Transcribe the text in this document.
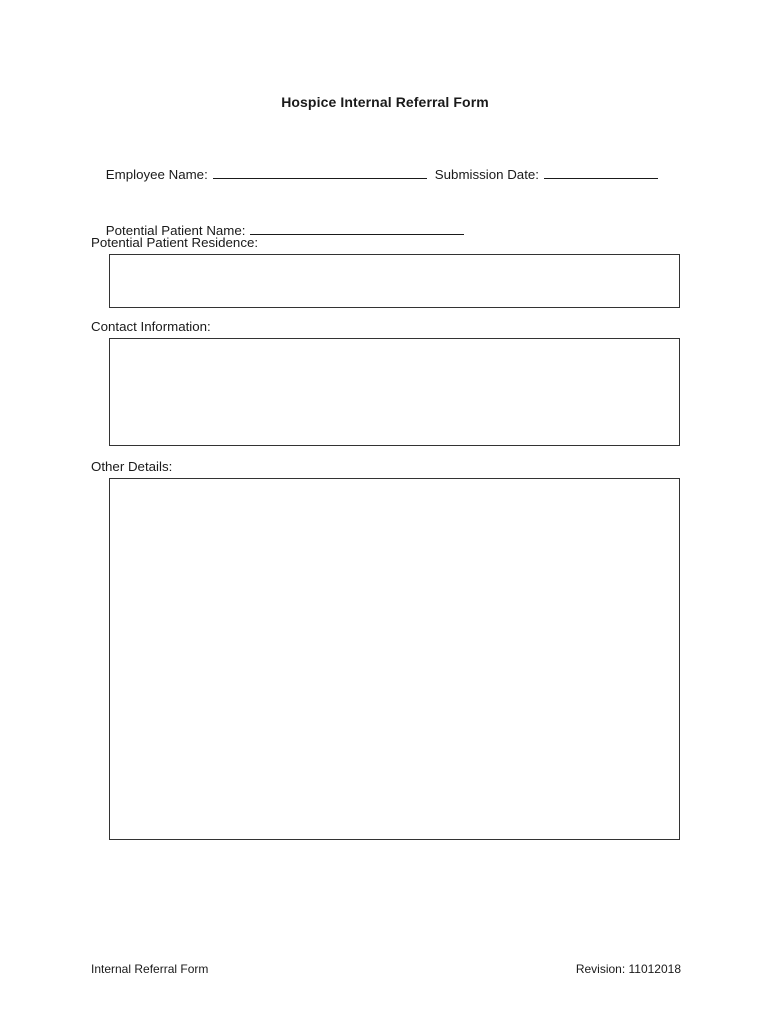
Hospice Internal Referral Form

Employee Name:	Submission Date:

Potential Patient Name:

Potential Patient Residence:
Contact Information:
Other Details:
Internal Referral Form	Revision: 11012018
